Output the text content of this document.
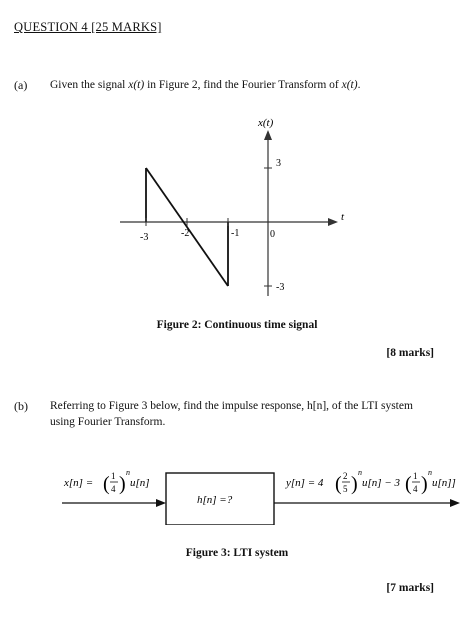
QUESTION 4 [25 MARKS]
(a) Given the signal x(t) in Figure 2, find the Fourier Transform of x(t).
x(t)
t
3
-3
-3	-2	-1	0
Figure 2: Continuous time signal
[8 marks]
(b) Referring to Figure 3 below, find the impulse response, h[n], of the LTI system
using Fourier Transform.
x[n] = ( 1
4 )
n
u[n]
h[n] =?
y[n] = 4 ( 2
5 )
n
u[n] − 3 ( 1
4 )
n
u[n]]
Figure 3: LTI system
[7 marks]
